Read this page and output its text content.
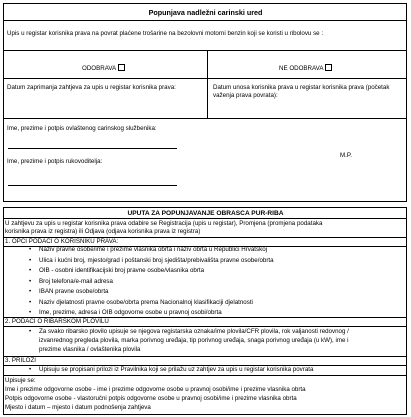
Popunjava nadležni carinski ured
Upis u registar korisnika prava na povrat plaćene trošarine na bezolovni motorni benzin koji se koristi u ribolovu se :
ODOBRAVA	NE ODOBRAVA
Datum zaprimanja zahtjeva za upis u registar korisnika prava:	Datum unosa korisnika prava u registar korisnika prava (početak važenja prava povrata):
Ime, prezime i potpis ovlaštenog carinskog službenika:
Ime, prezime i potpis rukovoditelja:
M.P.
UPUTA ZA POPUNJAVANJE OBRASCA PUR-RIBA
U zahtjevu za upis u registar korisnika prava odabire se Registracija (upis u registar), Promjena (promjena podataka
korisnika prava iz registra) ili Odjava (odjava korisnika prava iz registra)
1. OPĆI PODACI O KORISNIKU PRAVA:
• Naziv pravne osobe/ime i prezime vlasnika obrta i naziv obrta u Republici Hrvatskoj
• Ulica i kućni broj, mjesto/grad i poštanski broj sjedišta/prebivališta pravne osobe/obrta
• OIB - osobni identifikacijski broj pravne osobe/vlasnika obrta
• Broj telefona/e-mail adresa
• IBAN pravne osobe/obrta
• Naziv djelatnosti pravne osobe/obrta prema Nacionalnoj klasifikaciji djelatnosti
• Ime, prezime, adresa i OIB odgovorne osobe u pravnoj osobi/obrta
2. PODACI O RIBARSKOM PLOVILU
• Za svako ribarsko plovilo upisuje se njegova registarska oznaka/ime plovila/CFR plovila, rok valjanosti redovnog /
izvanrednog pregleda plovila, marka porivnog uređaja, tip porivnog uređaja, snaga porivnog uređaja (u kW), ime i
prezime vlasnika / ovlaštenika plovila
3. PRILOZI
• Upisuju se propisani prilozi iz Pravilnika koji se prilažu uz zahtjev za upis u registar korisnika povrata
Upisuje se:
Ime i prezime odgovorne osobe - ime i prezime odgovorne osobe u pravnoj osobi/ime i prezime vlasnika obrta
Potpis odgovorne osobe - vlastoručni potpis odgovorne osobe u pravnoj osobi/ime i prezime vlasnika obrta
Mjesto i datum – mjesto i datum podnošenja zahtjeva
